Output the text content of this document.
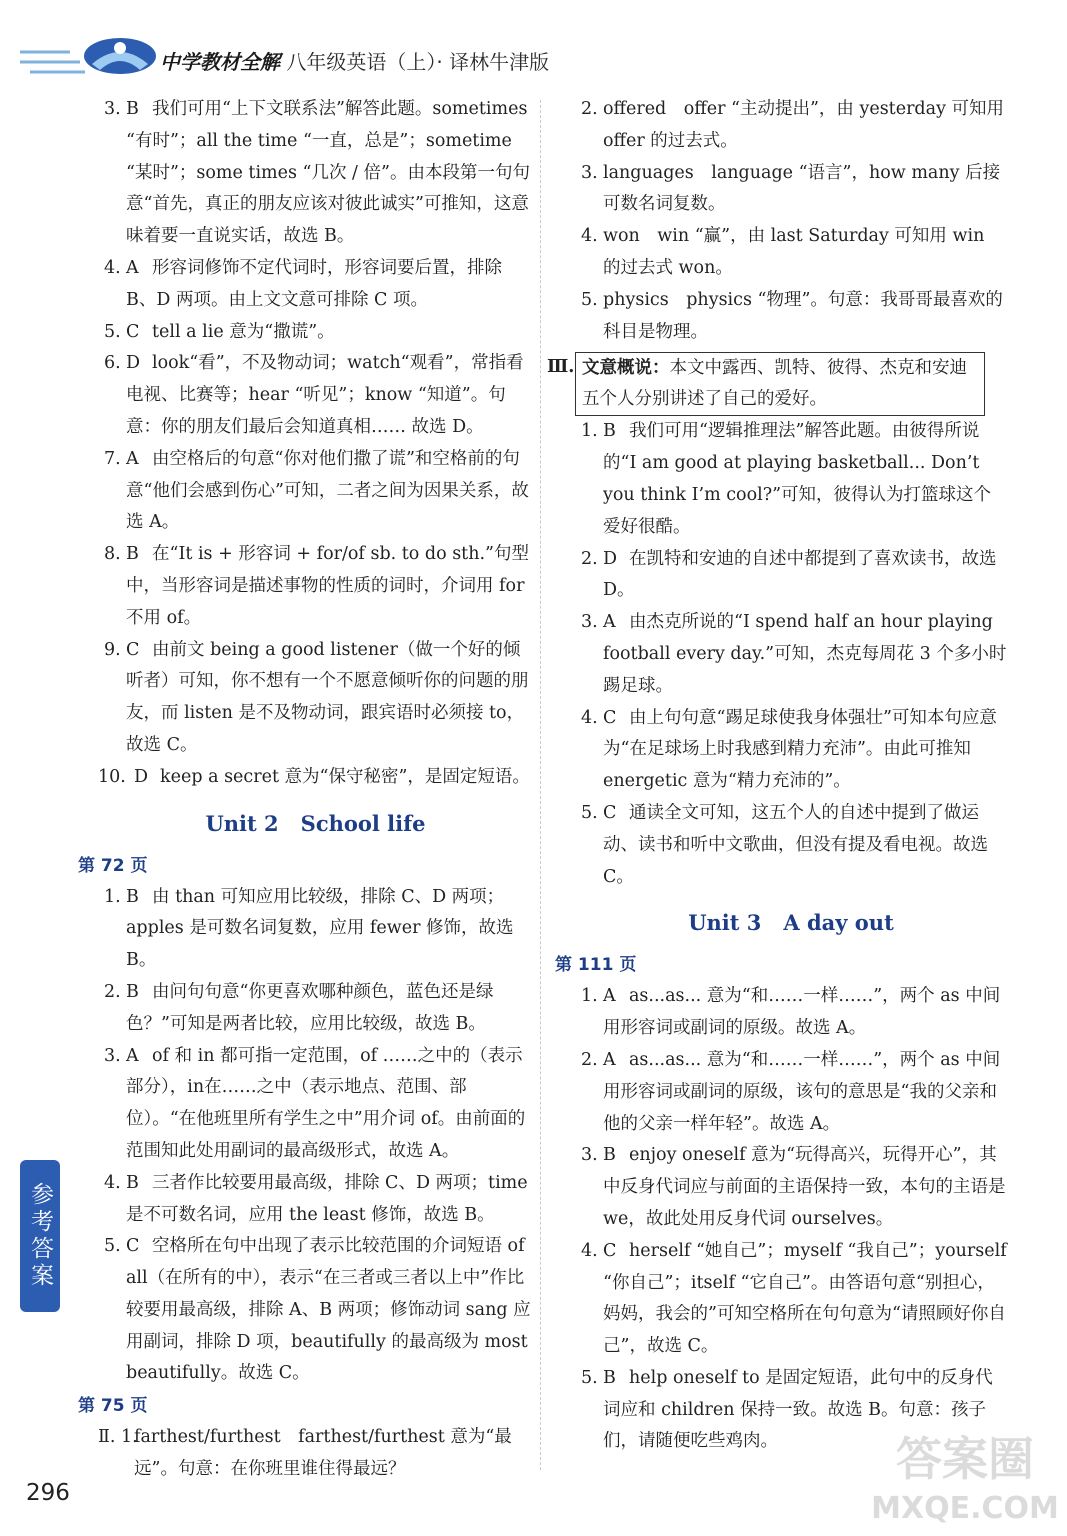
中学教材全解 八年级英语（上）· 译林牛津版
3. B 我们可用“上下文联系法”解答此题。sometimes “有时”；all the time “一直，总是”；sometime “某时”；some times “几次 / 倍”。由本段第一句句意“首先，真正的朋友应该对彼此诚实”可推知，这意味着要一直说实话，故选 B。
4. A 形容词修饰不定代词时，形容词要后置，排除 B、D 两项。由上文文意可排除 C 项。
5. C tell a lie 意为“撒谎”。
6. D look“看”，不及物动词；watch“观看”，常指看电视、比赛等；hear “听见”；know “知道”。句意：你的朋友们最后会知道真相…… 故选 D。
7. A 由空格后的句意“你对他们撒了谎”和空格前的句意“他们会感到伤心”可知，二者之间为因果关系，故选 A。
8. B 在“It is + 形容词 + for/of sb. to do sth.”句型中，当形容词是描述事物的性质的词时，介词用 for 不用 of。
9. C 由前文 being a good listener（做一个好的倾听者）可知，你不想有一个不愿意倾听你的问题的朋友，而 listen 是不及物动词，跟宾语时必须接 to，故选 C。
10. D keep a secret 意为“保守秘密”，是固定短语。
Unit 2 School life
第 72 页
1. B 由 than 可知应用比较级，排除 C、D 两项；apples 是可数名词复数，应用 fewer 修饰，故选 B。
2. B 由问句句意“你更喜欢哪种颜色，蓝色还是绿色？”可知是两者比较，应用比较级，故选 B。
3. A of 和 in 都可指一定范围，of ……之中的（表示部分），in在……之中（表示地点、范围、部位）。“在他班里所有学生之中”用介词 of。由前面的范围知此处用副词的最高级形式，故选 A。
4. B 三者作比较要用最高级，排除 C、D 两项；time 是不可数名词，应用 the least 修饰，故选 B。
5. C 空格所在句中出现了表示比较范围的介词短语 of all（在所有的中），表示“在三者或三者以上中”作比较要用最高级，排除 A、B 两项；修饰动词 sang 应用副词，排除 D 项，beautifully 的最高级为 most beautifully。故选 C。
第 75 页
Ⅱ. 1.
farthest/furthest　farthest/furthest 意为“最远”。句意：在你班里谁住得最远？
2. offered　offer “主动提出”，由 yesterday 可知用 offer 的过去式。
3. languages　language “语言”，how many 后接可数名词复数。
4. won　win “赢”，由 last Saturday 可知用 win 的过去式 won。
5. physics　physics “物理”。句意：我哥哥最喜欢的科目是物理。
Ⅲ. 文意概说：本文中露西、凯特、彼得、杰克和安迪五个人分别讲述了自己的爱好。
1. B 我们可用“逻辑推理法”解答此题。由彼得所说的“I am good at playing basketball... Don’t you think I’m cool?”可知，彼得认为打篮球这个爱好很酷。
2. D 在凯特和安迪的自述中都提到了喜欢读书，故选 D。
3. A 由杰克所说的“I spend half an hour playing football every day.”可知，杰克每周花 3 个多小时踢足球。
4. C 由上句句意“踢足球使我身体强壮”可知本句应意为“在足球场上时我感到精力充沛”。由此可推知 energetic 意为“精力充沛的”。
5. C 通读全文可知，这五个人的自述中提到了做运动、读书和听中文歌曲，但没有提及看电视。故选 C。
Unit 3 A day out
第 111 页
1. A as...as... 意为“和……一样……”，两个 as 中间用形容词或副词的原级。故选 A。
2. A as...as... 意为“和……一样……”，两个 as 中间用形容词或副词的原级，该句的意思是“我的父亲和他的父亲一样年轻”。故选 A。
3. B enjoy oneself 意为“玩得高兴，玩得开心”，其中反身代词应与前面的主语保持一致，本句的主语是 we，故此处用反身代词 ourselves。
4. C herself “她自己”；myself “我自己”；yourself “你自己”；itself “它自己”。由答语句意“别担心，妈妈，我会的”可知空格所在句句意为“请照顾好你自己”，故选 C。
5. B help oneself to 是固定短语，此句中的反身代词应和 children 保持一致。故选 B。句意：孩子们，请随便吃些鸡肉。
参考答案
296
答案圈
MXQE.COM
